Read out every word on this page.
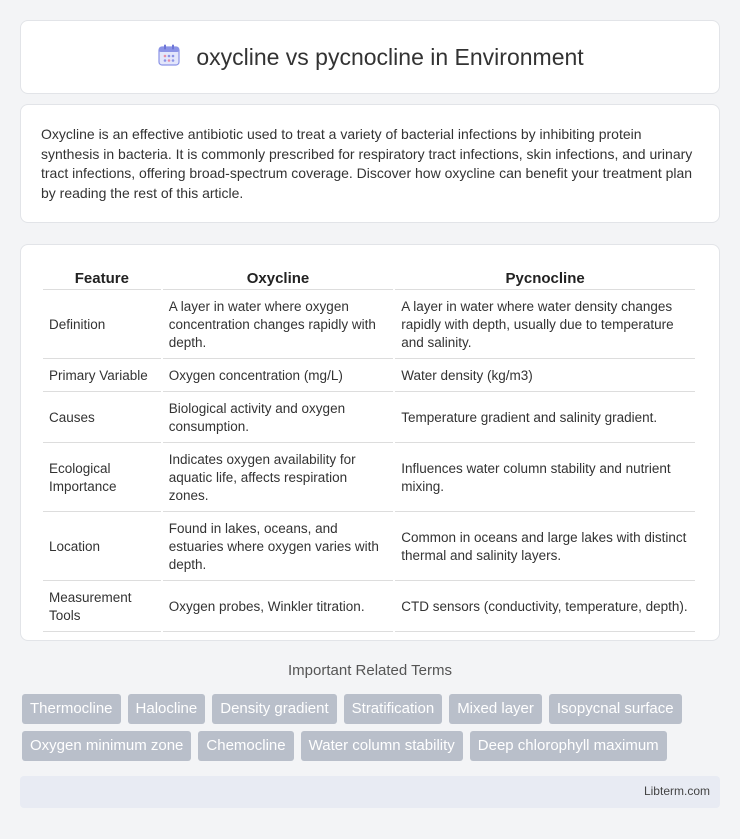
oxycline vs pycnocline in Environment

Oxycline is an effective antibiotic used to treat a variety of bacterial infections by inhibiting protein synthesis in bacteria. It is commonly prescribed for respiratory tract infections, skin infections, and urinary tract infections, offering broad-spectrum coverage. Discover how oxycline can benefit your treatment plan by reading the rest of this article.

Feature	Oxycline	Pycnocline
Definition	A layer in water where oxygen concentration changes rapidly with depth.	A layer in water where water density changes rapidly with depth, usually due to temperature and salinity.
Primary Variable	Oxygen concentration (mg/L)	Water density (kg/m3)
Causes	Biological activity and oxygen consumption.	Temperature gradient and salinity gradient.
Ecological Importance	Indicates oxygen availability for aquatic life, affects respiration zones.	Influences water column stability and nutrient mixing.
Location	Found in lakes, oceans, and estuaries where oxygen varies with depth.	Common in oceans and large lakes with distinct thermal and salinity layers.
Measurement Tools	Oxygen probes, Winkler titration.	CTD sensors (conductivity, temperature, depth).
Important Related Terms
Thermocline	Halocline	Density gradient	Stratification	Mixed layer	Isopycnal surface
Oxygen minimum zone	Chemocline	Water column stability	Deep chlorophyll maximum
Libterm.com
